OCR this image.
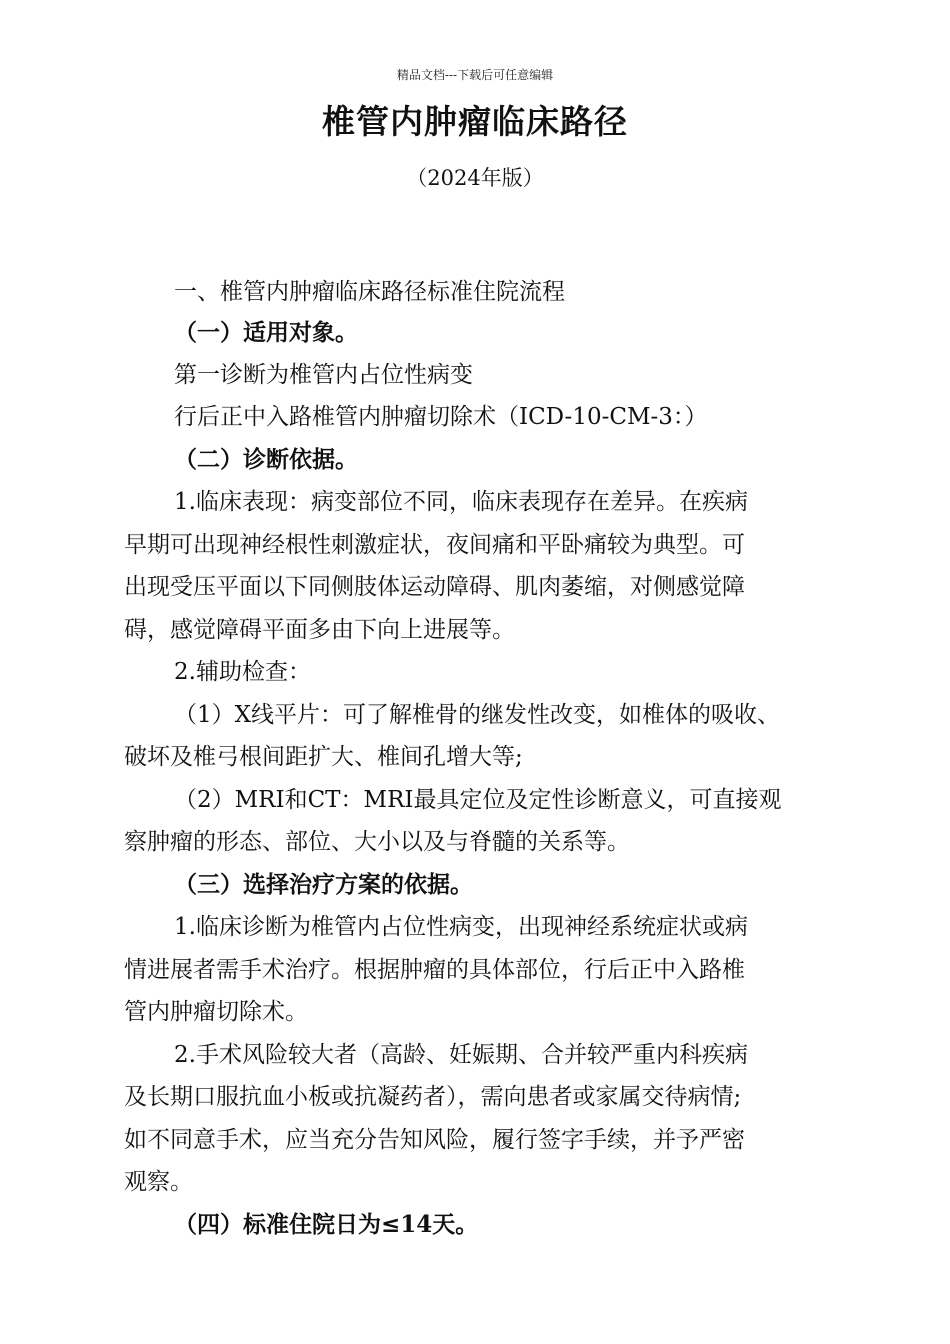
精品文档---下载后可任意编辑
椎管内肿瘤临床路径
（2024年版）
一、椎管内肿瘤临床路径标准住院流程
（一）适用对象。
第一诊断为椎管内占位性病变
行后正中入路椎管内肿瘤切除术（ICD-10-CM-3：）
（二）诊断依据。
1.临床表现：病变部位不同，临床表现存在差异。在疾病
早期可出现神经根性刺激症状，夜间痛和平卧痛较为典型。可
出现受压平面以下同侧肢体运动障碍、肌肉萎缩，对侧感觉障
碍，感觉障碍平面多由下向上进展等。
2.辅助检查：
（1）X线平片：可了解椎骨的继发性改变，如椎体的吸收、
破坏及椎弓根间距扩大、椎间孔增大等;
（2）MRI和CT：MRI最具定位及定性诊断意义，可直接观
察肿瘤的形态、部位、大小以及与脊髓的关系等。
（三）选择治疗方案的依据。
1.临床诊断为椎管内占位性病变，出现神经系统症状或病
情进展者需手术治疗。根据肿瘤的具体部位，行后正中入路椎
管内肿瘤切除术。
2.手术风险较大者（高龄、妊娠期、合并较严重内科疾病
及长期口服抗血小板或抗凝药者），需向患者或家属交待病情;
如不同意手术，应当充分告知风险，履行签字手续，并予严密
观察。
（四）标准住院日为≤14天。
